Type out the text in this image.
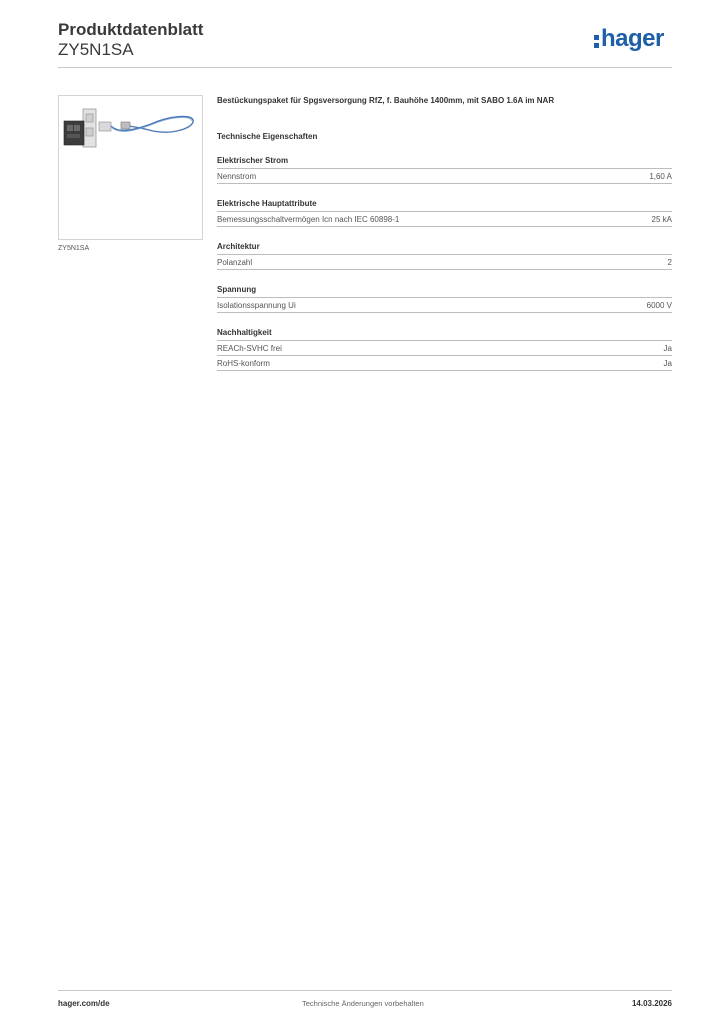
Produktdatenblatt
ZY5N1SA	hager
ZY5N1SA
Bestückungspaket für Spgsversorgung RfZ, f. Bauhöhe 1400mm, mit SABO 1.6A im NAR
Technische Eigenschaften
Elektrischer Strom
Nennstrom	1,60 A
Elektrische Hauptattribute
Bemessungsschaltvermögen Icn nach IEC 60898-1	25 kA
Architektur
Polanzahl	2
Spannung
Isolationsspannung Ui	6000 V
Nachhaltigkeit
REACh-SVHC frei	Ja
RoHS-konform	Ja
hager.com/de	Technische Änderungen vorbehalten	14.03.2026
